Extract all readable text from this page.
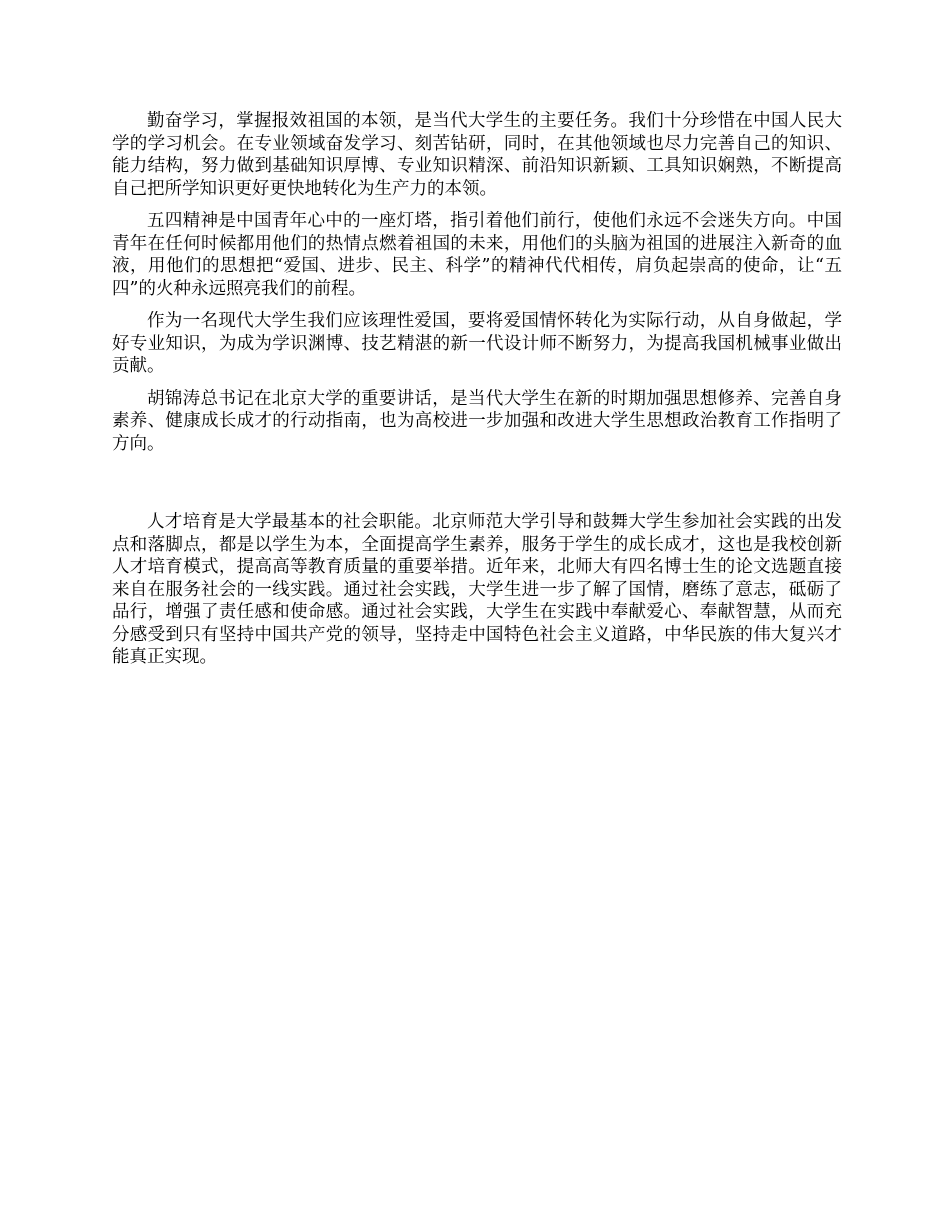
勤奋学习，掌握报效祖国的本领，是当代大学生的主要任务。我们十分珍惜在中国人民大学的学习机会。在专业领域奋发学习、刻苦钻研，同时，在其他领域也尽力完善自己的知识、能力结构，努力做到基础知识厚博、专业知识精深、前沿知识新颖、工具知识娴熟，不断提高自己把所学知识更好更快地转化为生产力的本领。

五四精神是中国青年心中的一座灯塔，指引着他们前行，使他们永远不会迷失方向。中国青年在任何时候都用他们的热情点燃着祖国的未来，用他们的头脑为祖国的进展注入新奇的血液，用他们的思想把“爱国、进步、民主、科学”的精神代代相传，肩负起崇高的使命，让“五四”的火种永远照亮我们的前程。

作为一名现代大学生我们应该理性爱国，要将爱国情怀转化为实际行动，从自身做起，学好专业知识，为成为学识渊博、技艺精湛的新一代设计师不断努力，为提高我国机械事业做出贡献。

胡锦涛总书记在北京大学的重要讲话，是当代大学生在新的时期加强思想修养、完善自身素养、健康成长成才的行动指南，也为高校进一步加强和改进大学生思想政治教育工作指明了方向。

人才培育是大学最基本的社会职能。北京师范大学引导和鼓舞大学生参加社会实践的出发点和落脚点，都是以学生为本，全面提高学生素养，服务于学生的成长成才，这也是我校创新人才培育模式，提高高等教育质量的重要举措。近年来，北师大有四名博士生的论文选题直接来自在服务社会的一线实践。通过社会实践，大学生进一步了解了国情，磨练了意志，砥砺了品行，增强了责任感和使命感。通过社会实践，大学生在实践中奉献爱心、奉献智慧，从而充分感受到只有坚持中国共产党的领导，坚持走中国特色社会主义道路，中华民族的伟大复兴才能真正实现。
